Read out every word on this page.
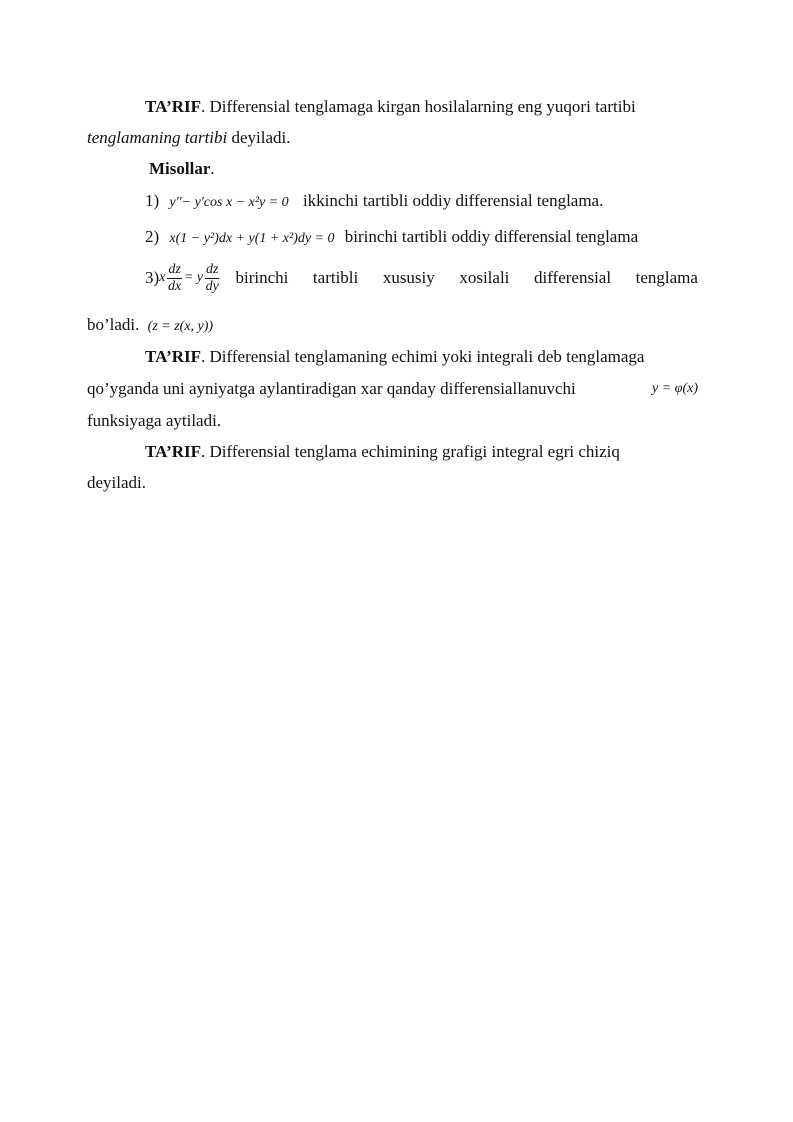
TA’RIF. Differensial tenglamaga kirgan hosilalarning eng yuqori tartibi
tenglamaning tartibi deyiladi.
Misollar.
1) y''− y'cos x − x²y = 0 ikkinchi tartibli oddiy differensial tenglama.
2) x(1 − y²)dx + y(1 + x²)dy = 0 birinchi tartibli oddiy differensial tenglama
3) x $\frac{dz}{dx} = y \frac{dz}{dy}$ birinchi tartibli xususiy xosilali differensial tenglama
bo’ladi. (z = z(x, y))
TA’RIF. Differensial tenglamaning echimi yoki integrali deb tenglamaga
qo’yganda uni ayniyatga aylantiradigan xar qanday differensiallanuvchi	y = φ(x)
funksiyaga aytiladi.
TA’RIF. Differensial tenglama echimining grafigi integral egri chiziq
deyiladi.
